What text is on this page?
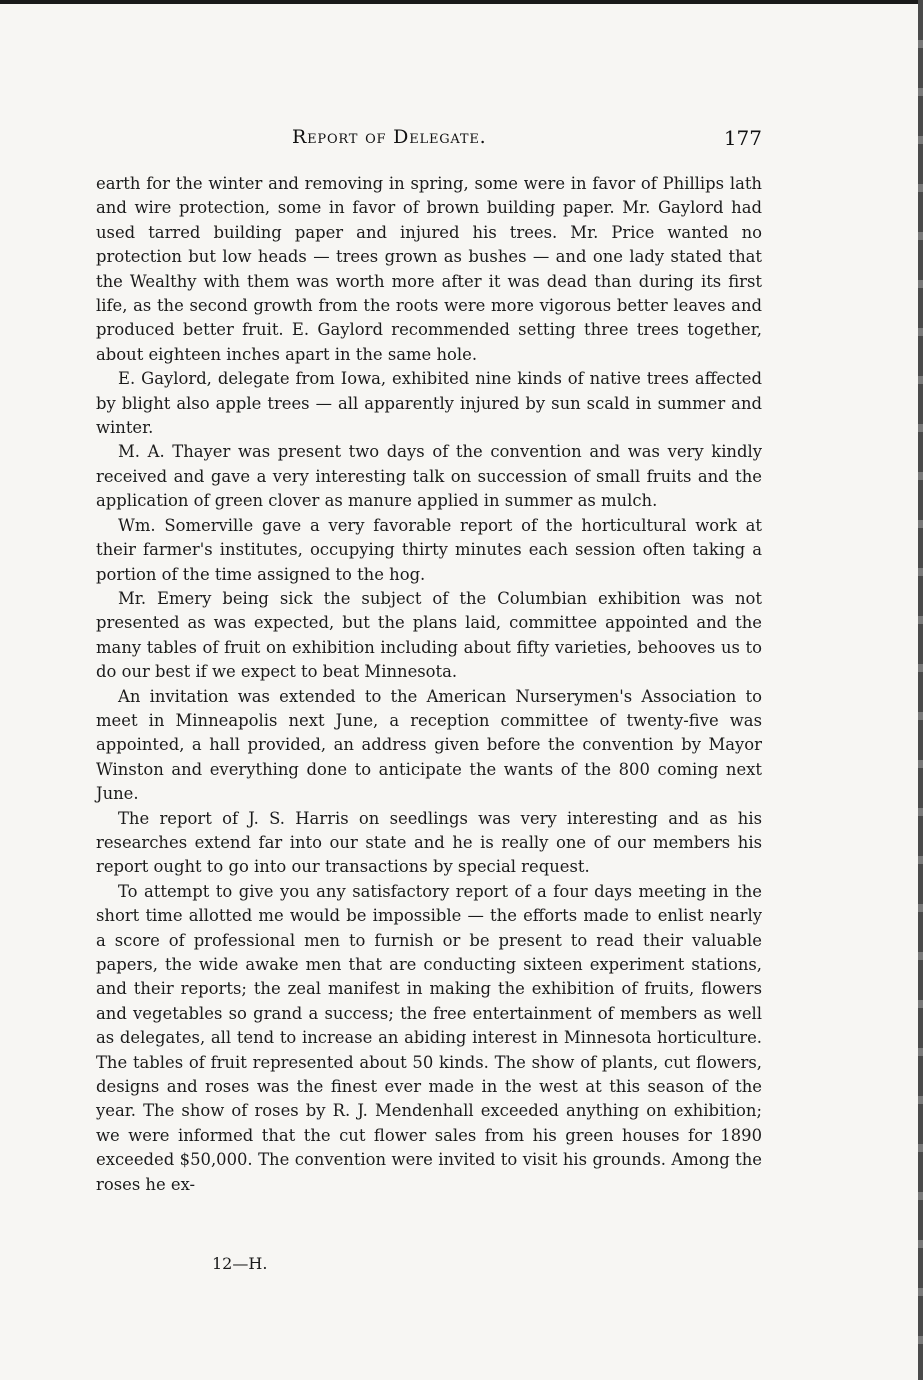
Report of Delegate.	177

earth for the winter and removing in spring, some were in favor of Phillips lath and wire protection, some in favor of brown building paper. Mr. Gaylord had used tarred building paper and injured his trees. Mr. Price wanted no protection but low heads — trees grown as bushes — and one lady stated that the Wealthy with them was worth more after it was dead than during its first life, as the second growth from the roots were more vigorous better leaves and produced better fruit. E. Gaylord recommended setting three trees together, about eighteen inches apart in the same hole.

E. Gaylord, delegate from Iowa, exhibited nine kinds of native trees affected by blight also apple trees — all apparently injured by sun scald in summer and winter.

M. A. Thayer was present two days of the convention and was very kindly received and gave a very interesting talk on succession of small fruits and the application of green clover as manure applied in summer as mulch.

Wm. Somerville gave a very favorable report of the horticultural work at their farmer's institutes, occupying thirty minutes each session often taking a portion of the time assigned to the hog.

Mr. Emery being sick the subject of the Columbian exhibition was not presented as was expected, but the plans laid, committee appointed and the many tables of fruit on exhibition including about fifty varieties, behooves us to do our best if we expect to beat Minnesota.

An invitation was extended to the American Nurserymen's Association to meet in Minneapolis next June, a reception committee of twenty-five was appointed, a hall provided, an address given before the convention by Mayor Winston and everything done to anticipate the wants of the 800 coming next June.

The report of J. S. Harris on seedlings was very interesting and as his researches extend far into our state and he is really one of our members his report ought to go into our transactions by special request.

To attempt to give you any satisfactory report of a four days meeting in the short time allotted me would be impossible — the efforts made to enlist nearly a score of professional men to furnish or be present to read their valuable papers, the wide awake men that are conducting sixteen experiment stations, and their reports; the zeal manifest in making the exhibition of fruits, flowers and vegetables so grand a success; the free entertainment of members as well as delegates, all tend to increase an abiding interest in Minnesota horticulture. The tables of fruit represented about 50 kinds. The show of plants, cut flowers, designs and roses was the finest ever made in the west at this season of the year. The show of roses by R. J. Mendenhall exceeded anything on exhibition; we were informed that the cut flower sales from his green houses for 1890 exceeded $50,000. The convention were invited to visit his grounds. Among the roses he ex-

12—H.
